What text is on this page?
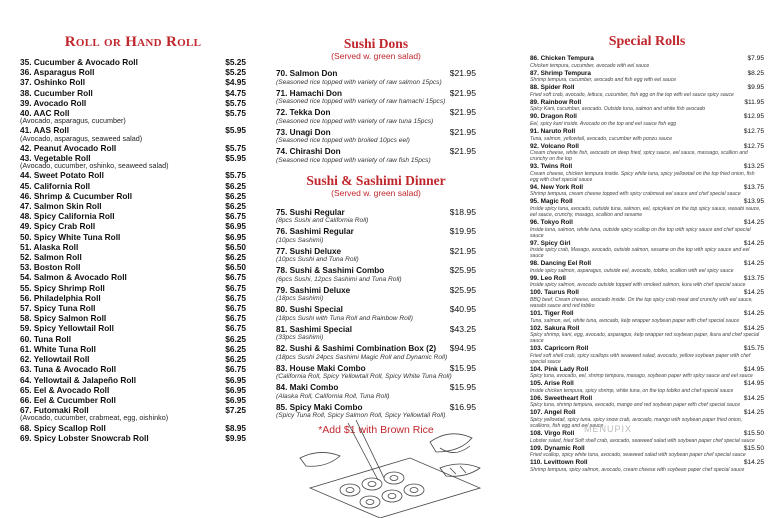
Roll or Hand Roll
35. Cucumber & Avocado Roll	$5.25
36. Asparagus Roll	$5.25
37. Oshinko Roll	$4.95
38. Cucumber Roll	$4.75
39. Avocado Roll	$5.75
40. AAC Roll	$5.75
(Avocado, asparagus, cucumber)
41. AAS Roll	$5.95
(Avocado, asparagus, seaweed salad)
42. Peanut Avocado Roll	$5.75
43. Vegetable Roll	$5.95
(Avocado, cucumber, oshinko, seaweed salad)
44. Sweet Potato Roll	$5.75
45. California Roll	$6.25
46. Shrimp & Cucumber Roll	$6.25
47. Salmon Skin Roll	$6.25
48. Spicy California Roll	$6.75
49. Spicy Crab Roll	$6.95
50. Spicy White Tuna Roll	$6.95
51. Alaska Roll	$6.50
52. Salmon Roll	$6.25
53. Boston Roll	$6.50
54. Salmon & Avocado Roll	$6.75
55. Spicy Shrimp Roll	$6.75
56. Philadelphia Roll	$6.75
57. Spicy Tuna Roll	$6.75
58. Spicy Salmon Roll	$6.75
59. Spicy Yellowtail Roll	$6.75
60. Tuna Roll	$6.25
61. White Tuna Roll	$6.25
62. Yellowtail Roll	$6.25
63. Tuna & Avocado Roll	$6.75
64. Yellowtail & Jalapeño Roll	$6.95
65. Eel & Avocado Roll	$6.95
66. Eel & Cucumber Roll	$6.95
67. Futomaki Roll	$7.25
(Avocado, cucumber, crabmeat, egg, oishinko)
68. Spicy Scallop Roll	$8.95
69. Spicy Lobster Snowcrab Roll	$9.95
Sushi Dons
(Served w. green salad)
70. Salmon Don	$21.95
(Seasoned rice topped with variety of raw salmon 15pcs)
71. Hamachi Don	$21.95
(Seasoned rice topped with variety of raw hamachi 15pcs)
72. Tekka Don	$21.95
(Seasoned rice topped with variety of raw tuna 15pcs)
73. Unagi Don	$21.95
(Seasoned rice topped with broiled 10pcs eel)
74. Chirashi Don	$21.95
(Seasoned rice topped with variety of raw fish 15pcs)
Sushi & Sashimi Dinner
(Served w. green salad)
75. Sushi Regular	$18.95
(8pcs Sushi and California Roll)
76. Sashimi Regular	$19.95
(10pcs Sashimi)
77. Sushi Deluxe	$21.95
(10pcs Sushi and Tuna Roll)
78. Sushi & Sashimi Combo	$25.95
(6pcs Sushi, 12pcs Sashimi and Tuna Roll)
79. Sashimi Deluxe	$25.95
(18pcs Sashimi)
80. Sushi Special	$40.95
(18pcs Sushi with Tuna Roll and Rainbow Roll)
81. Sashimi Special	$43.25
(33pcs Sashimi)
82. Sushi & Sashimi Combination Box (2)	$94.95
(18pcs Sushi 24pcs Sashimi Magic Roll and Dynamic Roll)
83. House Maki Combo	$15.95
(California Roll, Spicy Yellowtail Roll, Spicy White Tuna Roll)
84. Maki Combo	$15.95
(Alaska Roll, California Roll, Tuna Roll)
85. Spicy Maki Combo	$16.95
(Spicy Tuna Roll, Spicy Salmon Roll, Spicy Yellowtail Roll)
*Add $1 with Brown Rice
Special Rolls
86. Chicken Tempura	$7.95
Chicken tempura, cucumber, avocado with eel sauce
87. Shrimp Tempura	$8.25
Shrimp tempura, cucumber, avocado and fish egg with eel sauce
88. Spider Roll	$9.95
Fried soft crab, avocado, lettuce, cucumber, fish egg on the top with eel sauce spicy sauce
89. Rainbow Roll	$11.95
Spicy Kani, cucumber, avocado. Outside tuna, salmon and white fish avocado
90. Dragon Roll	$12.95
Eel, spicy kani inside. Avocado on the top and eel sauce fish egg
91. Naruto Roll	$12.75
Tuna, salmon, yellowtail, avocado, cucumber with ponzu sauce
92. Volcano Roll	$12.75
Cream cheese, white fish, avocado on deep fried, spicy sauce, eel sauce, massago, scallion and crunchy on the top
93. Twins Roll	$13.25
Cream cheese, chicken tempura inside. Spicy white tuna, spicy yellowtail on the top fried onion, fish egg with chef special sauce
94. New York Roll	$13.75
Shrimp tempura, cream cheese topped with spicy crabmeat eel sauce and chef special sauce
95. Magic Roll	$13.95
Inside spicy tuna, avocado, outside tuna, salmon, eel, spicykani on the top spicy sauce, wasabi sauce, eel sauce, crunchy, masago, scallion and sesame
96. Tokyo Roll	$14.25
Inside tuna, salmon, white tuna, outside spicy scallop on the top with spicy sauce and chef special sauce
97. Spicy Girl	$14.25
Inside spicy crab, Masago, avocado, outside salmon, sesame on the top with spicy sauce and eel sauce
98. Dancing Eel Roll	$14.25
Inside spicy salmon, asparagus, outside eel, avocado, tobiko, scallion with eel spicy sauce
99. Leo Roll	$13.75
Inside spicy salmon, avocado outside topped with smoked salmon, kura with chef special sauce
100. Taurus Roll	$14.25
BBQ beef, Cream cheese, avocado inside. On the top spicy crab meat and crunchy with eel sauce, wasabi sauce and red tobiko
101. Tiger Roll	$14.25
Tuna, salmon, eel, white tuna, avocado, kelp wrapper soybean paper with chef special sauce
102. Sakura Roll	$14.25
Spicy shrimp, kani, egg, avocado, asparagus, kelp wrapper red soybean paper, ikura and chef special sauce
103. Capricorn Roll	$15.75
Fried soft shell crab, spicy scallops with seaweed salad, avocado, yellow soybean paper with chef special sauce
104. Pink Lady Roll	$14.95
Spicy tuna, avocado, eel, shrimp tempura, masago, soybean paper with spicy sauce and eel sauce
105. Arise Roll	$14.95
Inside chicken tempura, spicy shrimp, white tuna, on the top tobiko and chef special sauce
106. Sweetheart Roll	$14.25
Spicy tuna, shrimp tempura, avocado, mango and red soybean paper with chef special sauce
107. Angel Roll	$14.25
Spicy yellowtail, spicy tuna, spicy snow crab, avocado, mango with soybean paper fried onion, scallions, fish egg and eel sauce
108. Virgo Roll	$15.50
Lobster salad, fried Soft shell crab, avocado, seaweed salad with soybean paper chef special sauce
109. Dynamic Roll	$15.50
Fried scallop, spicy white tuna, avocado, seaweed salad with soybean paper chef special sauce
110. Levittown Roll	$14.25
Shrimp tempura, spicy salmon, avocado, cream cheese with soybean paper chef special sauce
MENUPIX
